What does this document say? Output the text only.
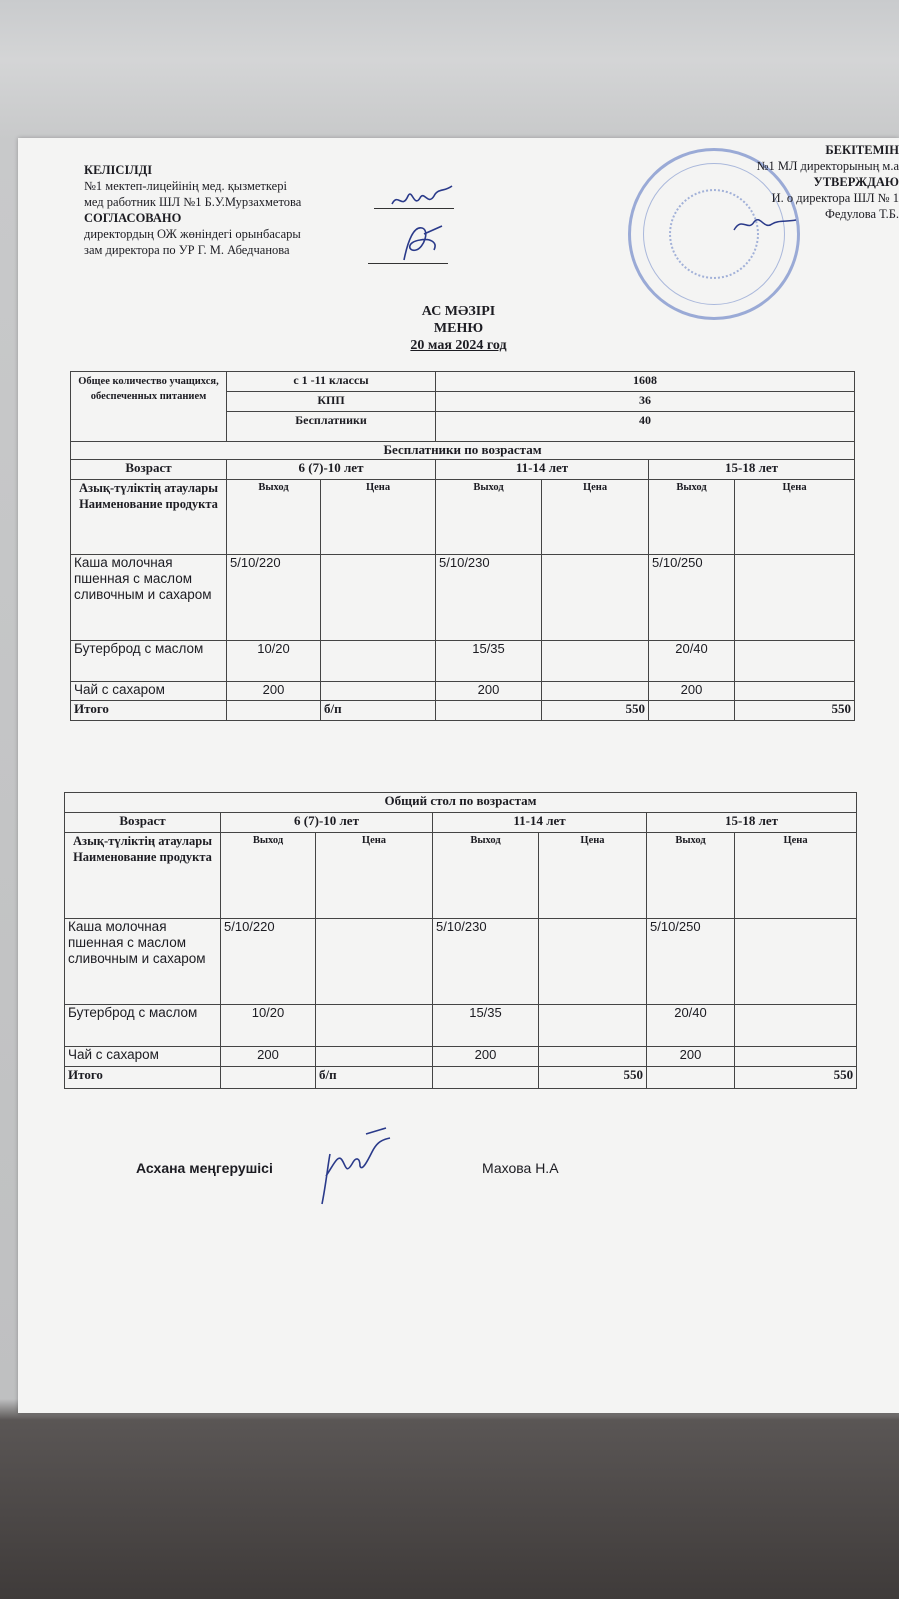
КЕЛІСІЛДІ
№1 мектеп-лицейінің мед. қызметкері
мед работник ШЛ №1 Б.У.Мурзахметова
СОГЛАСОВАНО
директордың ОЖ жөніндегі орынбасары
зам директора по УР Г. М. Абедчанова
БЕКІТЕМІН
№1 МЛ директорының м.а
УТВЕРЖДАЮ
И. о директора ШЛ № 1
Федулова Т.Б.
АС МӘЗІРІ
МЕНЮ
20 мая 2024 год
Общее количество учащихся, обеспеченных питанием	с 1 -11 классы		1608			
	КПП		36			
	Бесплатники		40			
Бесплатники по возрастам						
Возраст	6 (7)-10 лет		11-14 лет		15-18 лет	
Азық-түліктің атаулары Наименование продукта	Выход	Цена	Выход	Цена	Выход	Цена
Каша молочная пшенная с маслом сливочным и сахаром	5/10/220		5/10/230		5/10/250	
Бутерброд с маслом	10/20		15/35		20/40	
Чай с сахаром	200		200		200	
Итого		б/п		550		550
Общий стол по возрастам						
Возраст	6 (7)-10 лет		11-14 лет		15-18 лет	
Азық-түліктің атаулары Наименование продукта	Выход	Цена	Выход	Цена	Выход	Цена
Каша молочная пшенная с маслом сливочным и сахаром	5/10/220		5/10/230		5/10/250	
Бутерброд с маслом	10/20		15/35		20/40	
Чай с сахаром	200		200		200	
Итого		б/п		550		550
Асхана меңгерушісі	Махова Н.А
